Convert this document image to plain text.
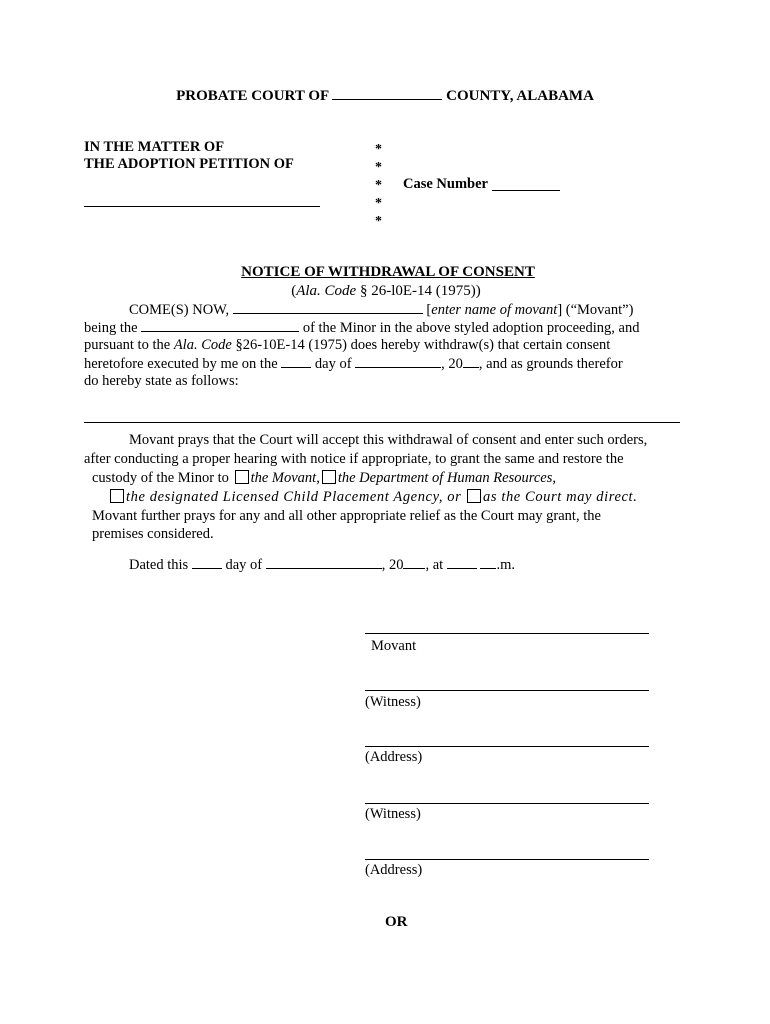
PROBATE COURT OF	COUNTY, ALABAMA
IN THE MATTER OF
THE ADOPTION PETITION OF
*
*
*
*
*
Case Number
NOTICE OF WITHDRAWAL OF CONSENT
(Ala. Code § 26-l0E-14 (1975))
COME(S) NOW,	[enter name of movant] (“Movant”)
being the	of the Minor in the above styled adoption proceeding, and
pursuant to the Ala. Code §26-10E-14 (1975) does hereby withdraw(s) that certain consent
heretofore executed by me on the  day of	, 20 , and as grounds therefor
do hereby state as follows:
Movant prays that the Court will accept this withdrawal of consent and enter such orders,
after conducting a proper hearing with notice if appropriate, to grant the same and restore the
custody of the Minor to the Movant, the Department of Human Resources,
the designated Licensed Child Placement Agency, or as the Court may direct.
Movant further prays for any and all other appropriate relief as the Court may grant, the
premises considered.
Dated this  day of	, 20 , at	.m.
Movant
(Witness)
(Address)
(Witness)
(Address)
OR
